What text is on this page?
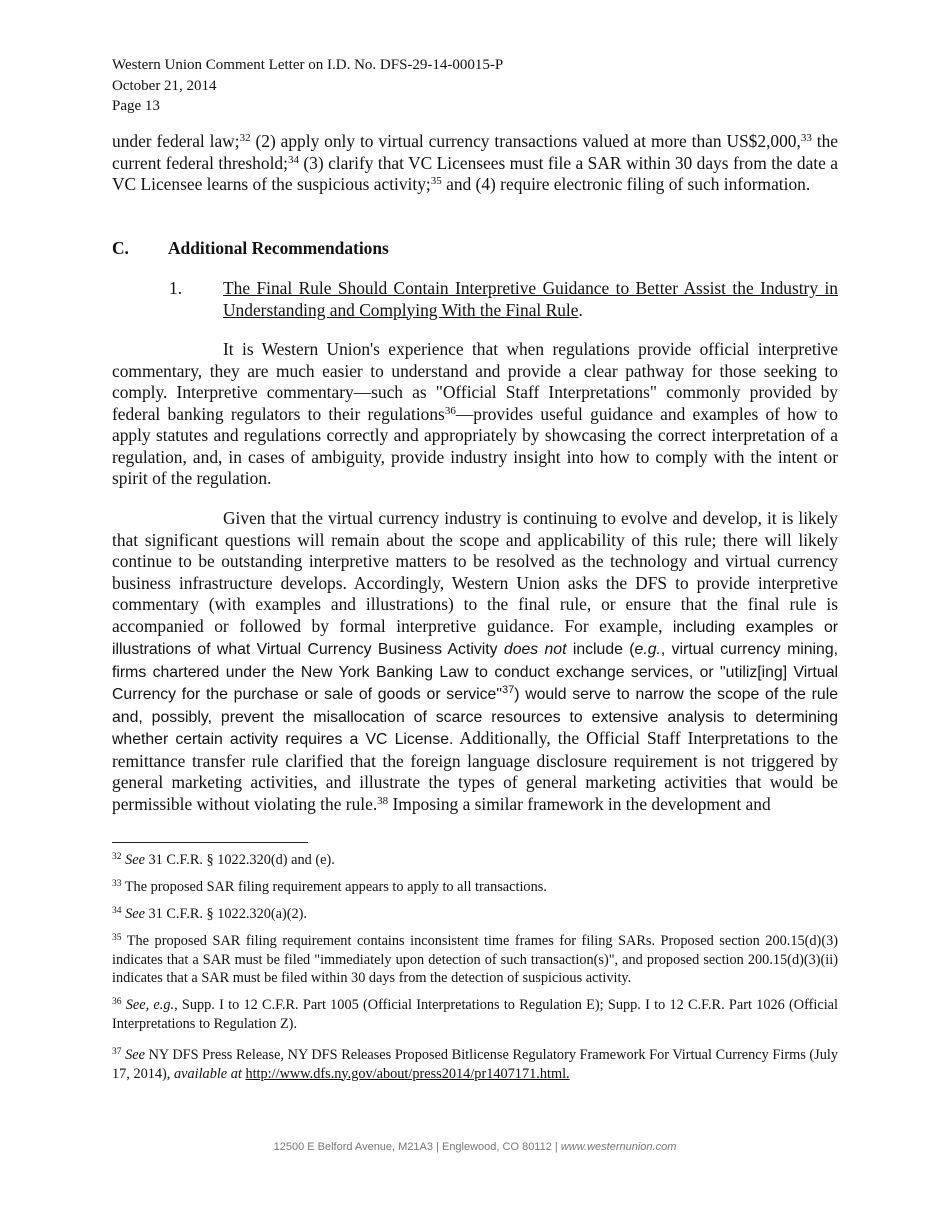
Western Union Comment Letter on I.D. No. DFS-29-14-00015-P
October 21, 2014
Page 13
under federal law;$^{32}$ (2) apply only to virtual currency transactions valued at more than US$2,000,33 the current federal threshold;$^{34}$ (3) clarify that VC Licensees must file a SAR within 30 days from the date a VC Licensee learns of the suspicious activity;$^{35}$ and (4) require electronic filing of such information.
C. Additional Recommendations
1. The Final Rule Should Contain Interpretive Guidance to Better Assist the Industry in Understanding and Complying With the Final Rule.
It is Western Union's experience that when regulations provide official interpretive commentary, they are much easier to understand and provide a clear pathway for those seeking to comply. Interpretive commentary—such as "Official Staff Interpretations" commonly provided by federal banking regulators to their regulations$^{36}$—provides useful guidance and examples of how to apply statutes and regulations correctly and appropriately by showcasing the correct interpretation of a regulation, and, in cases of ambiguity, provide industry insight into how to comply with the intent or spirit of the regulation.
Given that the virtual currency industry is continuing to evolve and develop, it is likely that significant questions will remain about the scope and applicability of this rule; there will likely continue to be outstanding interpretive matters to be resolved as the technology and virtual currency business infrastructure develops. Accordingly, Western Union asks the DFS to provide interpretive commentary (with examples and illustrations) to the final rule, or ensure that the final rule is accompanied or followed by formal interpretive guidance. For example, including examples or illustrations of what Virtual Currency Business Activity does not include (e.g., virtual currency mining, firms chartered under the New York Banking Law to conduct exchange services, or "utiliz[ing] Virtual Currency for the purchase or sale of goods or service"$^{37}$) would serve to narrow the scope of the rule and, possibly, prevent the misallocation of scarce resources to extensive analysis to determining whether certain activity requires a VC License. Additionally, the Official Staff Interpretations to the remittance transfer rule clarified that the foreign language disclosure requirement is not triggered by general marketing activities, and illustrate the types of general marketing activities that would be permissible without violating the rule.$^{38}$ Imposing a similar framework in the development and
$^{32}$ See 31 C.F.R. § 1022.320(d) and (e).
$^{33}$ The proposed SAR filing requirement appears to apply to all transactions.
$^{34}$ See 31 C.F.R. § 1022.320(a)(2).
$^{35}$ The proposed SAR filing requirement contains inconsistent time frames for filing SARs. Proposed section 200.15(d)(3) indicates that a SAR must be filed "immediately upon detection of such transaction(s)", and proposed section 200.15(d)(3)(ii) indicates that a SAR must be filed within 30 days from the detection of suspicious activity.
$^{36}$ See, e.g., Supp. I to 12 C.F.R. Part 1005 (Official Interpretations to Regulation E); Supp. I to 12 C.F.R. Part 1026 (Official Interpretations to Regulation Z).
$^{37}$ See NY DFS Press Release, NY DFS Releases Proposed Bitlicense Regulatory Framework For Virtual Currency Firms (July 17, 2014), available at http://www.dfs.ny.gov/about/press2014/pr1407171.html.
12500 E Belford Avenue, M21A3 | Englewood, CO 80112 | www.westernunion.com
